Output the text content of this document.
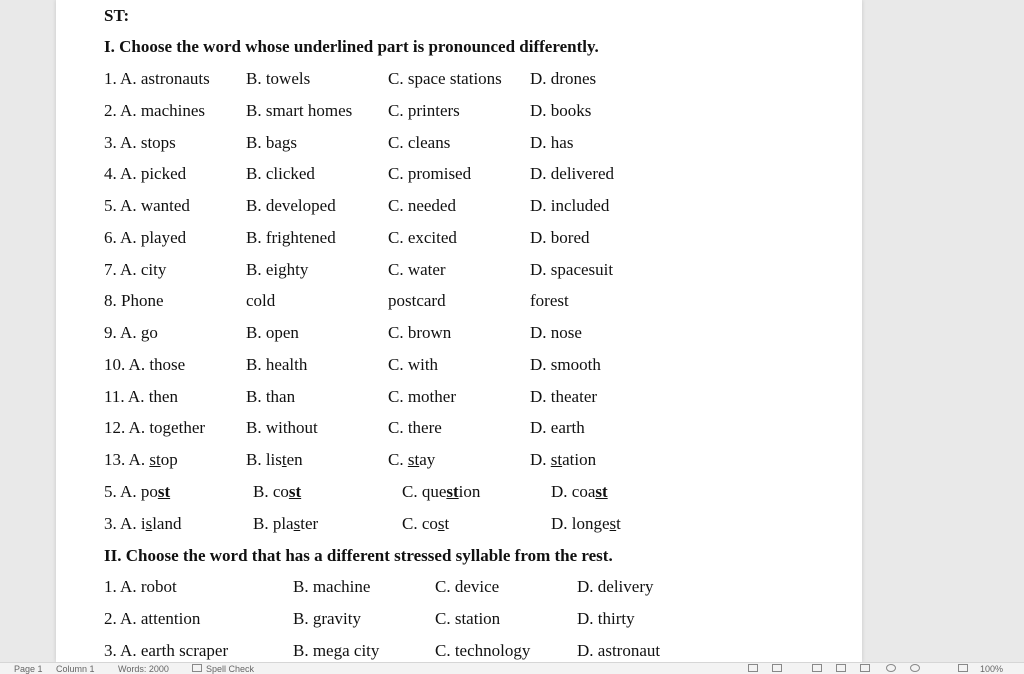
ST:
I. Choose the word whose underlined part is pronounced differently.
1. A. astronauts B. towels	C. space stations D. drones
2. A. machines B. smart homes C. printers	D. books
3. A. stops	B. bags	C. cleans	D. has
4. A. picked	B. clicked	C. promised	D. delivered
5. A. wanted	B. developed	C. needed	D. included
6. A. played	B. frightened	C. excited	D. bored
7. A. city	B. eighty	C. water	D. spacesuit
8. Phone	cold	postcard	forest
9. A. go	B. open	C. brown	D. nose
10. A. those	B. health	C. with	D. smooth
11. A. then	B. than	C. mother	D. theater
12. A. together B. without	C. there	D. earth
13. A. stop	B. listen	C. stay	D. station
5. A. post	B. cost	C. question	D. coast
3. A. island	B. plaster	C. cost	D. longest
II. Choose the word that has a different stressed syllable from the rest.
1. A. robot	B. machine	C. device	D. delivery
2. A. attention	B. gravity	C. station	D. thirty
3. A. earth scraper	B. mega city	C. technology	D. astronaut
Page 1 Column 1	Words: 2000	Spell Check	100%
